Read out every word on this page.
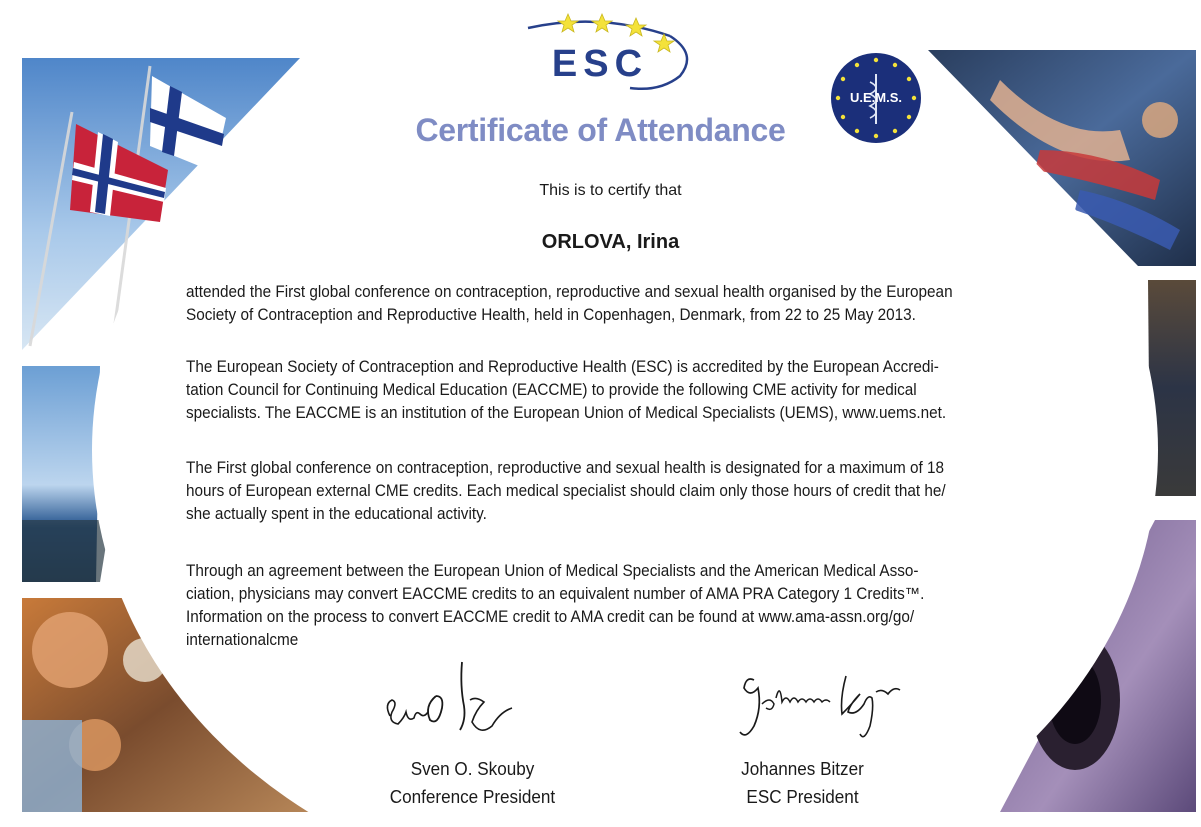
ESC
U.E.M.S.
Certificate of Attendance
This is to certify that
ORLOVA, Irina

attended the First global conference on contraception, reproductive and sexual health organised by the European
Society of Contraception and Reproductive Health, held in Copenhagen, Denmark, from 22 to 25 May 2013.

The European Society of Contraception and Reproductive Health (ESC) is accredited by the European Accredi-
tation Council for Continuing Medical Education (EACCME) to provide the following CME activity for medical
specialists. The EACCME is an institution of the European Union of Medical Specialists (UEMS), www.uems.net.

The First global conference on contraception, reproductive and sexual health is designated for a maximum of 18
hours of European external CME credits. Each medical specialist should claim only those hours of credit that he/
she actually spent in the educational activity.

Through an agreement between the European Union of Medical Specialists and the American Medical Asso-
ciation, physicians may convert EACCME credits to an equivalent number of AMA PRA Category 1 Credits™.
Information on the process to convert EACCME credit to AMA credit can be found at www.ama-assn.org/go/
internationalcme

Sven O. Skouby
Conference President
Johannes Bitzer
ESC President
